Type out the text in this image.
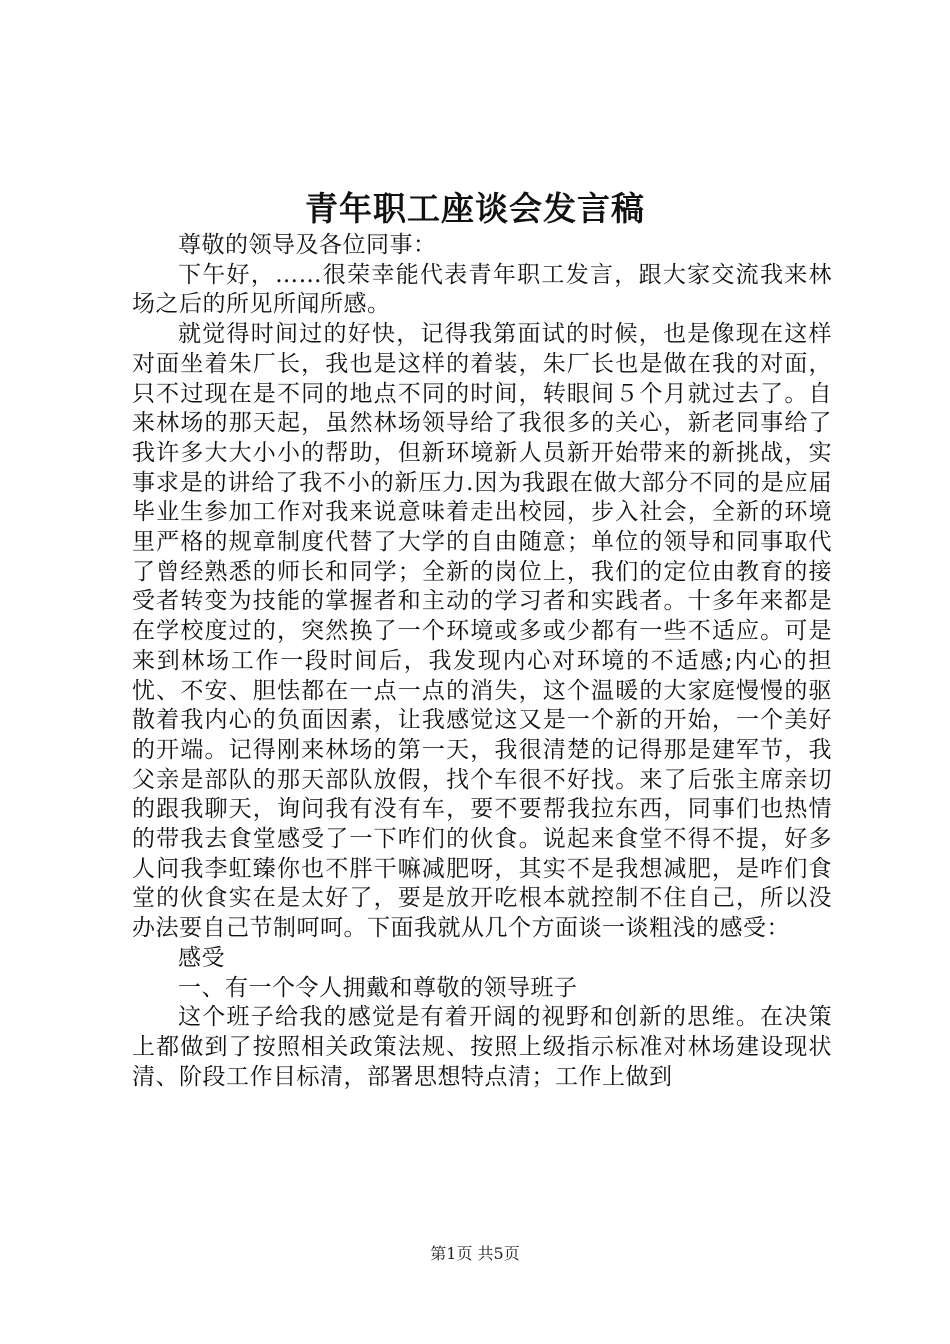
青年职工座谈会发言稿

尊敬的领导及各位同事：

下午好，……很荣幸能代表青年职工发言，跟大家交流我来林场之后的所见所闻所感。

就觉得时间过的好快，记得我第面试的时候，也是像现在这样对面坐着朱厂长，我也是这样的着装，朱厂长也是做在我的对面，只不过现在是不同的地点不同的时间，转眼间５个月就过去了。自来林场的那天起，虽然林场领导给了我很多的关心，新老同事给了我许多大大小小的帮助，但新环境新人员新开始带来的新挑战，实事求是的讲给了我不小的新压力.因为我跟在做大部分不同的是应届毕业生参加工作对我来说意味着走出校园，步入社会，全新的环境里严格的规章制度代替了大学的自由随意；单位的领导和同事取代了曾经熟悉的师长和同学；全新的岗位上，我们的定位由教育的接受者转变为技能的掌握者和主动的学习者和实践者。十多年来都是在学校度过的，突然换了一个环境或多或少都有一些不适应。可是来到林场工作一段时间后，我发现内心对环境的不适感;内心的担忧、不安、胆怯都在一点一点的消失，这个温暖的大家庭慢慢的驱散着我内心的负面因素，让我感觉这又是一个新的开始，一个美好的开端。记得刚来林场的第一天，我很清楚的记得那是建军节，我父亲是部队的那天部队放假，找个车很不好找。来了后张主席亲切的跟我聊天，询问我有没有车，要不要帮我拉东西，同事们也热情的带我去食堂感受了一下咋们的伙食。说起来食堂不得不提，好多人问我李虹臻你也不胖干嘛减肥呀，其实不是我想减肥，是咋们食堂的伙食实在是太好了，要是放开吃根本就控制不住自己，所以没办法要自己节制呵呵。下面我就从几个方面谈一谈粗浅的感受：

感受

一、有一个令人拥戴和尊敬的领导班子

这个班子给我的感觉是有着开阔的视野和创新的思维。在决策上都做到了按照相关政策法规、按照上级指示标准对林场建设现状清、阶段工作目标清，部署思想特点清；工作上做到

第1页 共5页
